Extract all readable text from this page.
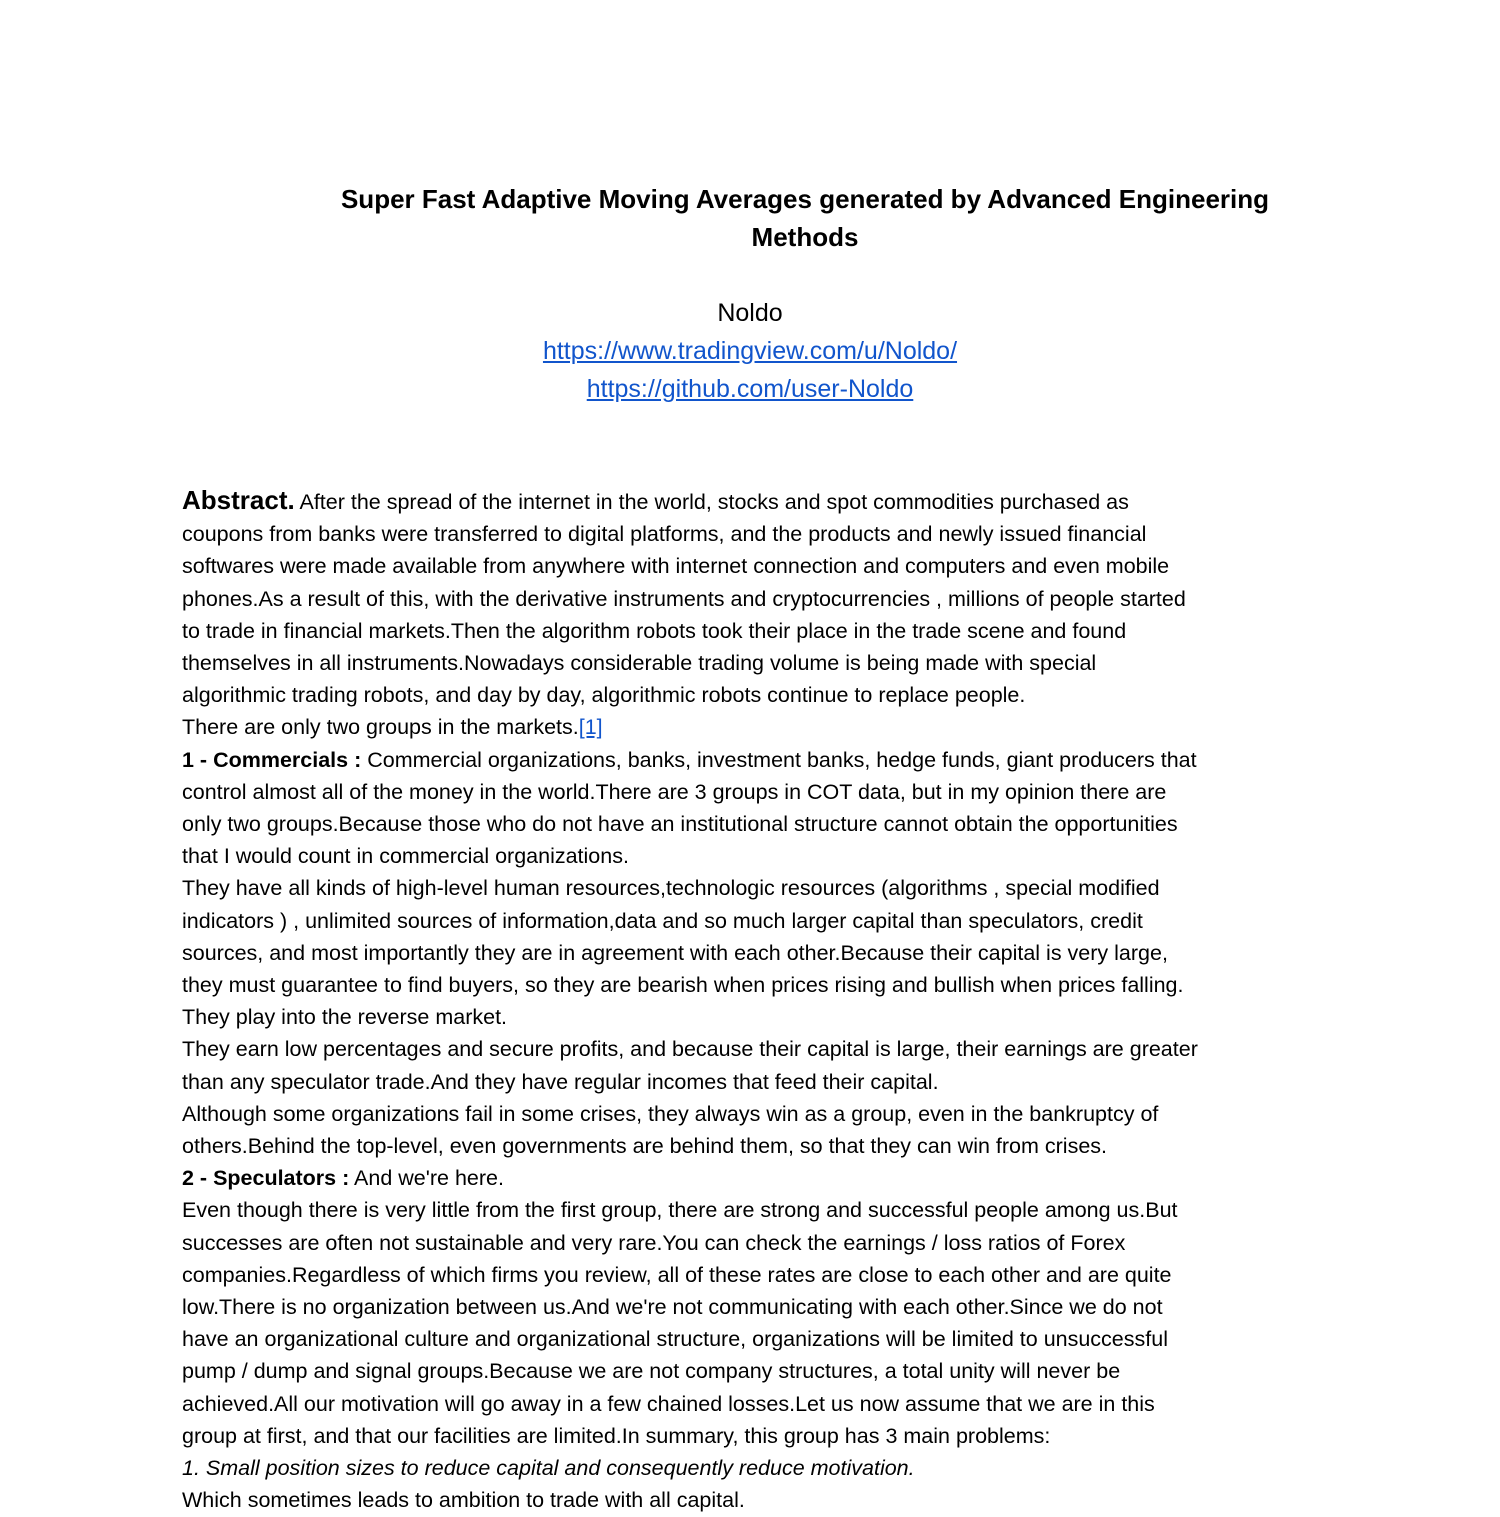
Super Fast Adaptive Moving Averages generated by Advanced Engineering
Methods
Noldo
https://www.tradingview.com/u/Noldo/
https://github.com/user-Noldo

Abstract. After the spread of the internet in the world, stocks and spot commodities purchased as

coupons from banks were transferred to digital platforms, and the products and newly issued financial

softwares were made available from anywhere with internet connection and computers and even mobile

phones.As a result of this, with the derivative instruments and cryptocurrencies , millions of people started

to trade in financial markets.Then the algorithm robots took their place in the trade scene and found

themselves in all instruments.Nowadays considerable trading volume is being made with special

algorithmic trading robots, and day by day, algorithmic robots continue to replace people.

There are only two groups in the markets.[1]

1 - Commercials : Commercial organizations, banks, investment banks, hedge funds, giant producers that

control almost all of the money in the world.There are 3 groups in COT data, but in my opinion there are

only two groups.Because those who do not have an institutional structure cannot obtain the opportunities

that I would count in commercial organizations.

They have all kinds of high-level human resources,technologic resources (algorithms , special modified

indicators ) , unlimited sources of information,data and so much larger capital than speculators, credit

sources, and most importantly they are in agreement with each other.Because their capital is very large,

they must guarantee to find buyers, so they are bearish when prices rising and bullish when prices falling.

They play into the reverse market.

They earn low percentages and secure profits, and because their capital is large, their earnings are greater

than any speculator trade.And they have regular incomes that feed their capital.

Although some organizations fail in some crises, they always win as a group, even in the bankruptcy of

others.Behind the top-level, even governments are behind them, so that they can win from crises.

2 - Speculators : And we're here.

Even though there is very little from the first group, there are strong and successful people among us.But

successes are often not sustainable and very rare.You can check the earnings / loss ratios of Forex

companies.Regardless of which firms you review, all of these rates are close to each other and are quite

low.There is no organization between us.And we're not communicating with each other.Since we do not

have an organizational culture and organizational structure, organizations will be limited to unsuccessful

pump / dump and signal groups.Because we are not company structures, a total unity will never be

achieved.All our motivation will go away in a few chained losses.Let us now assume that we are in this

group at first, and that our facilities are limited.In summary, this group has 3 main problems:

1. Small position sizes to reduce capital and consequently reduce motivation.

Which sometimes leads to ambition to trade with all capital.
